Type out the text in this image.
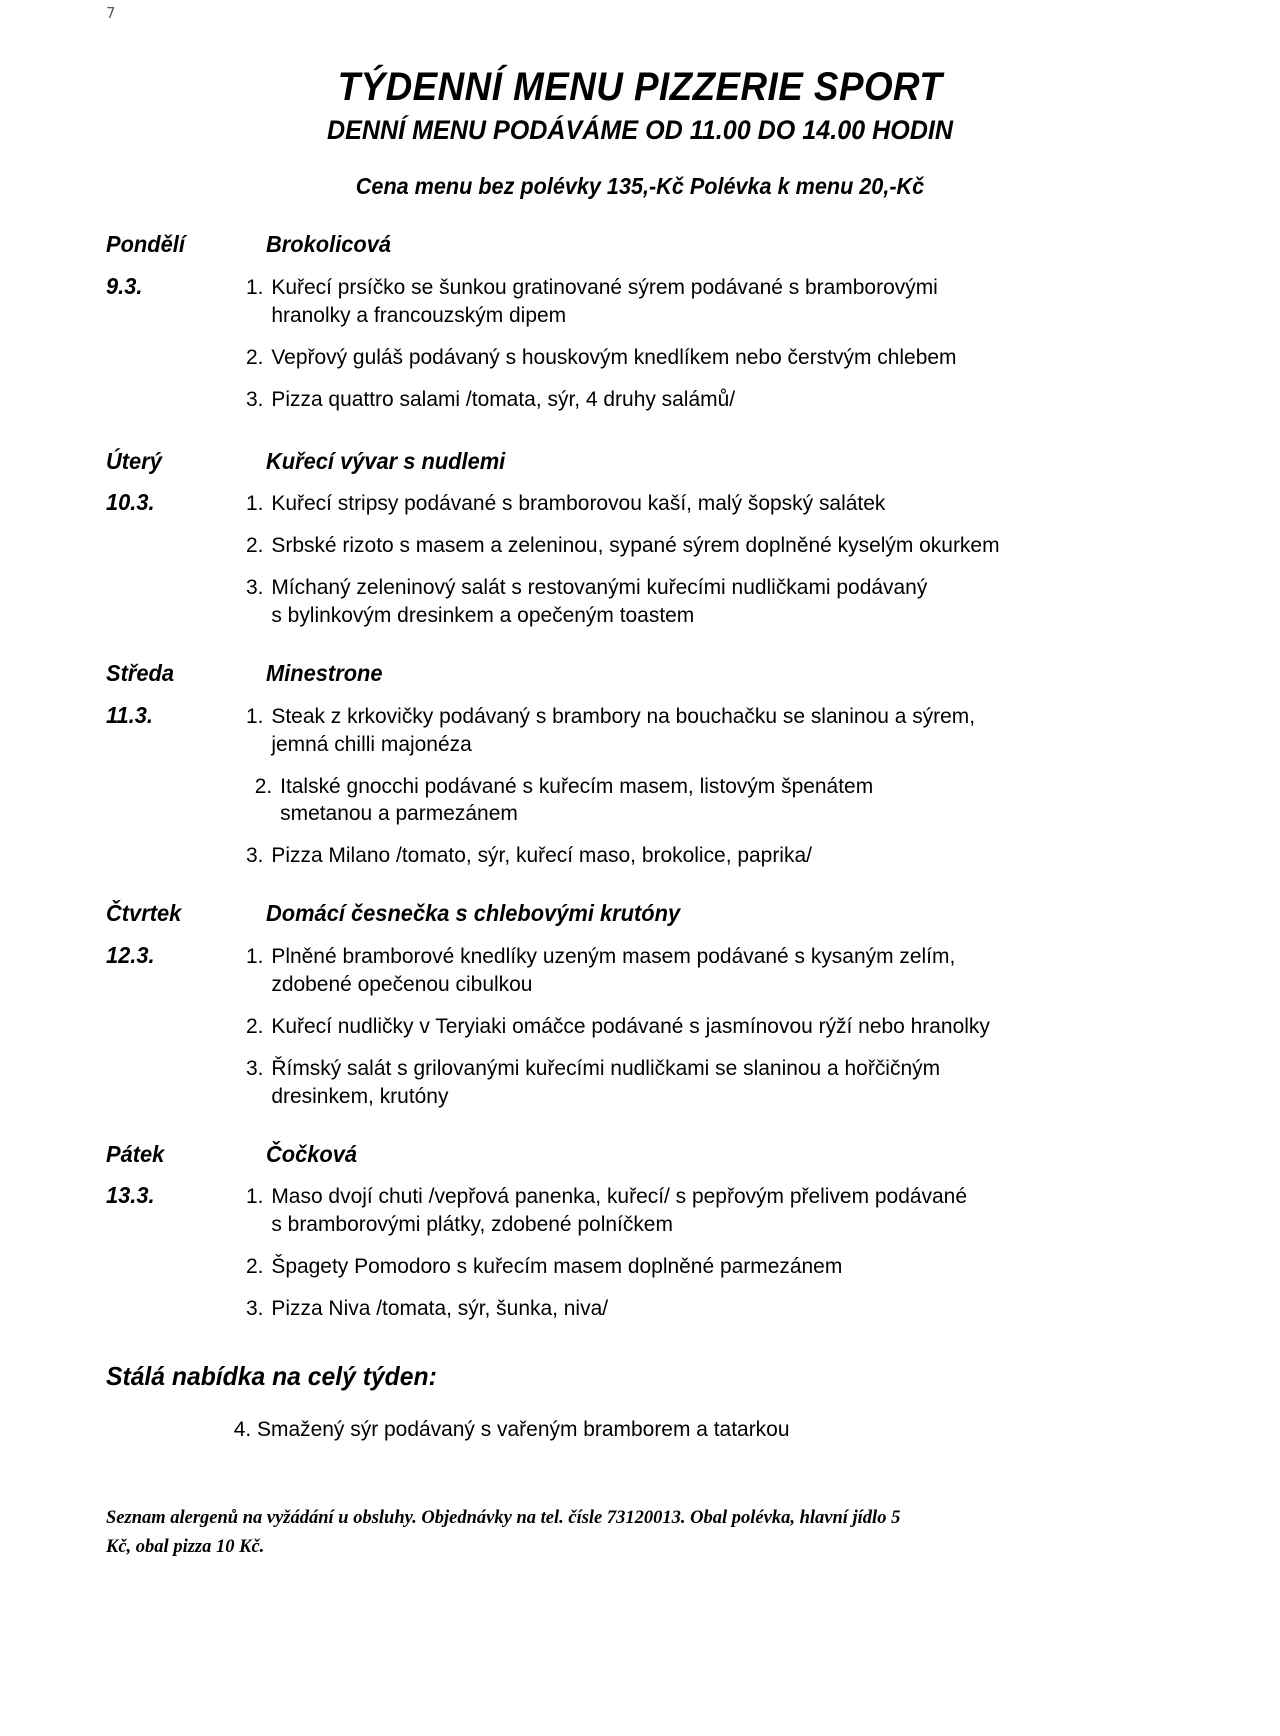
7
TÝDENNÍ MENU PIZZERIE SPORT
DENNÍ MENU PODÁVÁME OD 11.00 DO 14.00 HODIN
Cena menu bez polévky 135,-Kč Polévka k menu 20,-Kč
Pondělí	Brokolicová
9.3.	1. Kuřecí prsíčko se šunkou gratinované sýrem podávané s bramborovými
hranolky a francouzským dipem
2. Vepřový guláš podávaný s houskovým knedlíkem nebo čerstvým chlebem
3. Pizza quattro salami /tomata, sýr, 4 druhy salámů/
Úterý	Kuřecí vývar s nudlemi
10.3.	1. Kuřecí stripsy podávané s bramborovou kaší, malý šopský salátek
2. Srbské rizoto s masem a zeleninou, sypané sýrem doplněné kyselým okurkem
3. Míchaný zeleninový salát s restovanými kuřecími nudličkami podávaný
s bylinkovým dresinkem a opečeným toastem
Středa	Minestrone
11.3.	1. Steak z krkovičky podávaný s brambory na bouchačku se slaninou a sýrem,
jemná chilli majonéza
2. Italské gnocchi podávané s kuřecím masem, listovým špenátem
smetanou a parmezánem
3. Pizza Milano /tomato, sýr, kuřecí maso, brokolice, paprika/
Čtvrtek	Domácí česnečka s chlebovými krutóny
12.3.	1. Plněné bramborové knedlíky uzeným masem podávané s kysaným zelím,
zdobené opečenou cibulkou
2. Kuřecí nudličky v Teryiaki omáčce podávané s jasmínovou rýží nebo hranolky
3. Římský salát s grilovanými kuřecími nudličkami se slaninou a hořčičným
dresinkem, krutóny
Pátek	Čočková
13.3.	1. Maso dvojí chuti /vepřová panenka, kuřecí/ s pepřovým přelivem podávané
s bramborovými plátky, zdobené polníčkem
2. Špagety Pomodoro s kuřecím masem doplněné parmezánem
3. Pizza Niva /tomata, sýr, šunka, niva/
Stálá nabídka na celý týden:
4. Smažený sýr podávaný s vařeným bramborem a tatarkou
Seznam alergenů na vyžádání u obsluhy. Objednávky na tel. čísle 73120013. Obal polévka, hlavní jídlo 5
Kč, obal pizza 10 Kč.
